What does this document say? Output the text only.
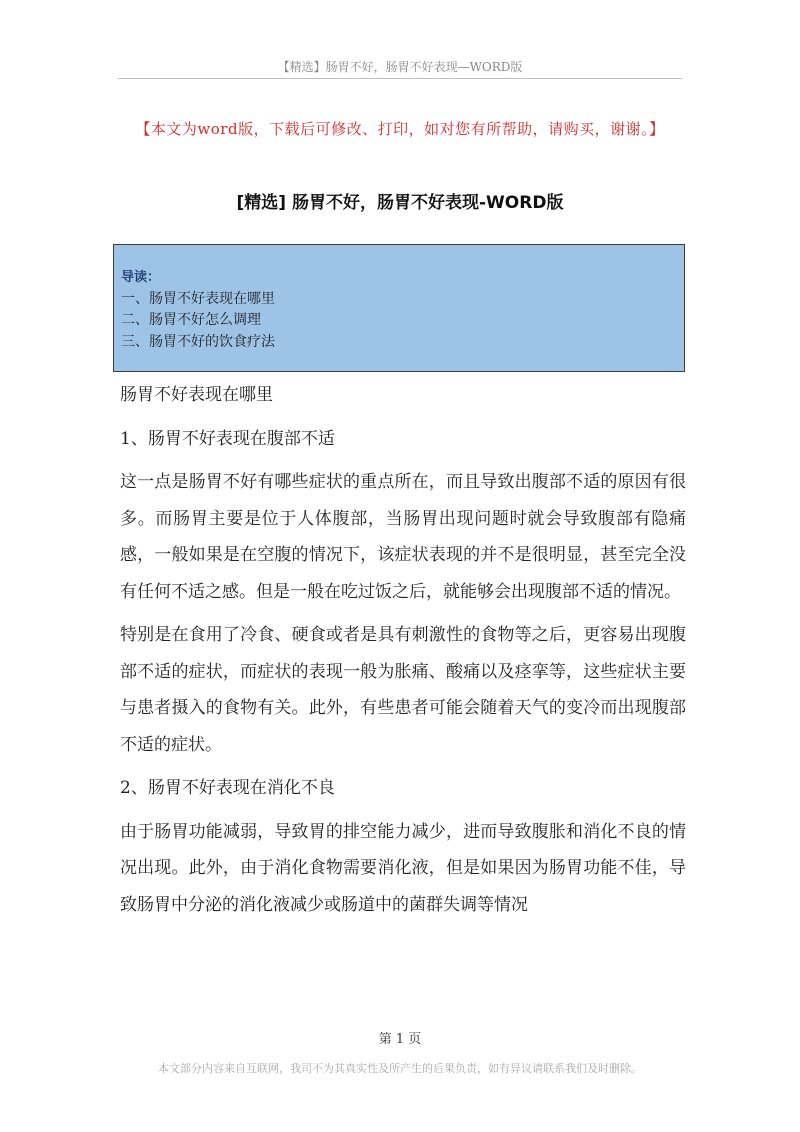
【精选】肠胃不好，肠胃不好表现—WORD版
【本文为word版，下载后可修改、打印，如对您有所帮助，请购买，谢谢。】
[精选] 肠胃不好，肠胃不好表现-WORD版
导读：
一、肠胃不好表现在哪里
二、肠胃不好怎么调理
三、肠胃不好的饮食疗法
肠胃不好表现在哪里
1、肠胃不好表现在腹部不适

这一点是肠胃不好有哪些症状的重点所在，而且导致出腹部不适的原因有很多。而肠胃主要是位于人体腹部，当肠胃出现问题时就会导致腹部有隐痛感，一般如果是在空腹的情况下，该症状表现的并不是很明显，甚至完全没有任何不适之感。但是一般在吃过饭之后，就能够会出现腹部不适的情况。

特别是在食用了冷食、硬食或者是具有刺激性的食物等之后，更容易出现腹部不适的症状，而症状的表现一般为胀痛、酸痛以及痉挛等，这些症状主要与患者摄入的食物有关。此外，有些患者可能会随着天气的变冷而出现腹部不适的症状。

2、肠胃不好表现在消化不良

由于肠胃功能减弱，导致胃的排空能力减少，进而导致腹胀和消化不良的情况出现。此外，由于消化食物需要消化液，但是如果因为肠胃功能不佳，导致肠胃中分泌的消化液减少或肠道中的菌群失调等情况

第 1 页
本文部分内容来自互联网，我司不为其真实性及所产生的后果负责，如有异议请联系我们及时删除。
